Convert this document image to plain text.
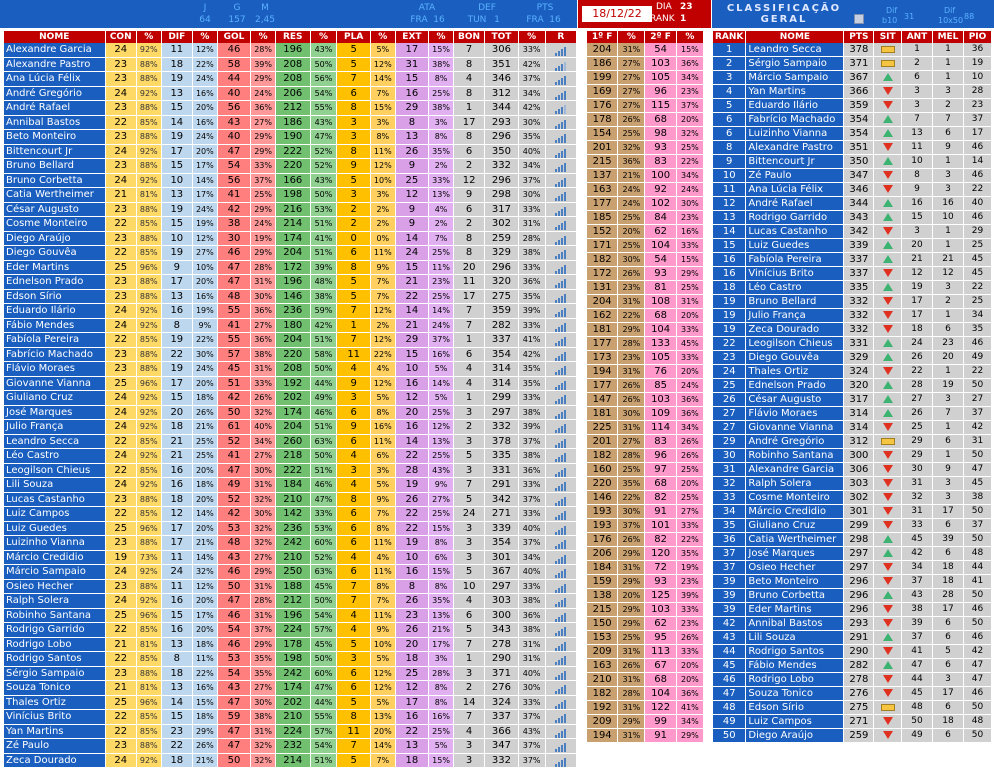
J	G	M
64	157	2,45
ATA	DEF	PTS
FRA 16	TUN 1	FRA 16	18/12/22	DIA 23
RANK 1
CLASSIFICAÇÃO GERAL
Dif
b10 31
Dif
10x50 88
NOME	CON	%	DIF	%	GOL	%	RES	%	PLA	%	EXT	%	BON	TOT	%	R
Alexandre Garcia	24	92%	11	12%	46	28%	196	43%	5	5%	17	15%	7	306	33%	
Alexandre Pastro	23	88%	18	22%	58	39%	208	50%	5	12%	31	38%	8	351	42%	
Ana Lúcia Félix	23	88%	19	24%	44	29%	208	56%	7	14%	15	8%	4	346	37%	
André Gregório	24	92%	13	16%	40	24%	206	54%	6	7%	16	25%	8	312	34%	
André Rafael	23	88%	15	20%	56	36%	212	55%	8	15%	29	38%	1	344	42%	
Annibal Bastos	22	85%	14	16%	43	27%	186	43%	3	3%	8	3%	17	293	30%	
Beto Monteiro	23	88%	19	24%	40	29%	190	47%	3	8%	13	8%	8	296	35%	
Bittencourt Jr	24	92%	17	20%	47	29%	222	52%	8	11%	26	35%	6	350	40%	
Bruno Bellard	23	88%	15	17%	54	33%	220	52%	9	12%	9	2%	2	332	34%	
Bruno Corbetta	24	92%	10	14%	56	37%	166	43%	5	10%	25	33%	12	296	37%	
Catia Wertheimer	21	81%	13	17%	41	25%	198	50%	3	3%	12	13%	9	298	30%	
César Augusto	23	88%	19	24%	42	29%	216	53%	2	2%	9	4%	6	317	33%	
Cosme Monteiro	22	85%	15	19%	38	24%	214	51%	2	2%	9	2%	2	302	31%	
Diego Araújo	23	88%	10	12%	30	19%	174	41%	0	0%	14	7%	8	259	28%	
Diego Gouvêa	22	85%	19	27%	46	29%	204	51%	6	11%	24	25%	8	329	38%	
Eder Martins	25	96%	9	10%	47	28%	172	39%	8	9%	15	11%	20	296	33%	
Ednelson Prado	23	88%	17	20%	47	31%	196	48%	5	7%	21	23%	11	320	36%	
Edson Sírio	23	88%	13	16%	48	30%	146	38%	5	7%	22	25%	17	275	35%	
Eduardo Ilário	24	92%	16	19%	55	36%	236	59%	7	12%	14	14%	7	359	39%	
Fábio Mendes	24	92%	8	9%	41	27%	180	42%	1	2%	21	24%	7	282	33%	
Fabíola Pereira	22	85%	19	22%	55	36%	204	51%	7	12%	29	37%	1	337	41%	
Fabrício Machado	23	88%	22	30%	57	38%	220	58%	11	22%	15	16%	6	354	42%	
Flávio Moraes	23	88%	19	24%	45	31%	208	50%	4	4%	10	5%	4	314	35%	
Giovanne Vianna	25	96%	17	20%	51	33%	192	44%	9	12%	16	14%	4	314	35%	
Giuliano Cruz	24	92%	15	18%	42	26%	202	49%	3	5%	12	5%	1	299	33%	
José Marques	24	92%	20	26%	50	32%	174	46%	6	8%	20	25%	3	297	38%	
Julio França	24	92%	18	21%	61	40%	204	51%	9	16%	16	12%	2	332	39%	
Leandro Secca	22	85%	21	25%	52	34%	260	63%	6	11%	14	13%	3	378	37%	
Léo Castro	24	92%	21	25%	41	27%	218	50%	4	6%	22	25%	5	335	38%	
Leogilson Chieus	22	85%	16	20%	47	30%	222	51%	3	3%	28	43%	3	331	36%	
Lili Souza	24	92%	16	18%	49	31%	184	46%	4	5%	19	9%	7	291	33%	
Lucas Castanho	23	88%	18	20%	52	32%	210	47%	8	9%	26	27%	5	342	37%	
Luiz Campos	22	85%	12	14%	42	30%	142	33%	6	7%	22	25%	24	271	33%	
Luiz Guedes	25	96%	17	20%	53	32%	236	53%	6	8%	22	15%	3	339	40%	
Luizinho Vianna	23	88%	17	21%	48	32%	242	60%	6	11%	19	8%	3	354	37%	
Márcio Credidio	19	73%	11	14%	43	27%	210	52%	4	4%	10	6%	3	301	34%	
Márcio Sampaio	24	92%	24	32%	46	29%	250	63%	6	11%	16	15%	5	367	40%	
Osieo Hecher	23	88%	11	12%	50	31%	188	45%	7	8%	8	8%	10	297	33%	
Ralph Solera	24	92%	16	20%	47	28%	212	50%	7	7%	26	35%	4	303	38%	
Robinho Santana	25	96%	15	17%	46	31%	196	54%	4	11%	23	13%	6	300	36%	
Rodrigo Garrido	22	85%	16	20%	54	37%	224	57%	4	9%	26	21%	5	343	38%	
Rodrigo Lobo	21	81%	13	18%	46	29%	178	45%	5	10%	20	17%	7	278	31%	
Rodrigo Santos	22	85%	8	11%	53	35%	198	50%	3	5%	18	3%	1	290	31%	
Sérgio Sampaio	23	88%	18	22%	54	35%	242	60%	6	12%	25	28%	3	371	40%	
Souza Tonico	21	81%	13	16%	43	27%	174	47%	6	12%	12	8%	2	276	30%	
Thales Ortiz	25	96%	14	15%	47	30%	202	44%	5	5%	17	8%	14	324	33%	
Vinícius Brito	22	85%	15	18%	59	38%	210	55%	8	13%	16	16%	7	337	37%	
Yan Martins	22	85%	23	29%	47	31%	224	57%	11	20%	22	25%	4	366	43%	
Zé Paulo	23	88%	22	26%	47	32%	232	54%	7	14%	13	5%	3	347	37%	
Zeca Dourado	24	92%	18	21%	50	32%	214	51%	5	7%	18	15%	3	332	37%	
1º F	%	2º F	%
204	31%	54	15%
186	27%	103	36%
199	27%	105	34%
169	27%	96	23%
176	27%	115	37%
178	26%	68	20%
154	25%	98	32%
201	32%	93	25%
215	36%	83	22%
137	21%	100	34%
163	24%	92	24%
177	24%	102	30%
185	25%	84	23%
152	20%	62	16%
171	25%	104	33%
182	30%	54	15%
172	26%	93	29%
131	23%	81	25%
204	31%	108	31%
162	22%	68	20%
181	29%	104	33%
177	28%	133	45%
173	23%	105	33%
194	31%	76	20%
177	26%	85	24%
147	26%	103	36%
181	30%	109	36%
225	31%	114	34%
201	27%	83	26%
182	28%	96	26%
160	25%	97	25%
220	35%	68	20%
146	22%	82	25%
193	30%	91	27%
193	37%	101	33%
176	26%	82	22%
206	29%	120	35%
184	31%	72	19%
159	29%	93	23%
138	20%	125	39%
215	29%	103	33%
150	29%	62	23%
153	25%	95	26%
209	31%	113	33%
163	26%	67	20%
210	31%	68	20%
182	28%	104	36%
192	31%	122	41%
209	29%	99	34%
194	31%	91	29%
RANK	NOME	PTS	SIT	ANT	MEL	PIO
1	Leandro Secca	378		1	1	36
2	Sérgio Sampaio	371		2	1	19
3	Márcio Sampaio	367		6	1	10
4	Yan Martins	366		3	3	28
5	Eduardo Ilário	359		3	2	23
6	Fabrício Machado	354		7	7	37
6	Luizinho Vianna	354		13	6	17
8	Alexandre Pastro	351		11	9	46
9	Bittencourt Jr	350		10	1	14
10	Zé Paulo	347		8	3	46
11	Ana Lúcia Félix	346		9	3	22
12	André Rafael	344		16	16	40
13	Rodrigo Garrido	343		15	10	46
14	Lucas Castanho	342		3	1	29
15	Luiz Guedes	339		20	1	25
16	Fabíola Pereira	337		21	21	45
16	Vinícius Brito	337		12	12	45
18	Léo Castro	335		19	3	22
19	Bruno Bellard	332		17	2	25
19	Julio França	332		17	1	34
19	Zeca Dourado	332		18	6	35
22	Leogilson Chieus	331		24	23	46
23	Diego Gouvêa	329		26	20	49
24	Thales Ortiz	324		22	1	22
25	Ednelson Prado	320		28	19	50
26	César Augusto	317		27	3	27
27	Flávio Moraes	314		26	7	37
27	Giovanne Vianna	314		25	1	42
29	André Gregório	312		29	6	31
30	Robinho Santana	300		29	1	50
31	Alexandre Garcia	306		30	9	47
32	Ralph Solera	303		31	3	45
33	Cosme Monteiro	302		32	3	38
34	Márcio Credidio	301		31	17	50
35	Giuliano Cruz	299		33	6	37
36	Catia Wertheimer	298		45	39	50
37	José Marques	297		42	6	48
37	Osieo Hecher	297		34	18	44
39	Beto Monteiro	296		37	18	41
39	Bruno Corbetta	296		43	28	50
39	Eder Martins	296		38	17	46
42	Annibal Bastos	293		39	6	50
43	Lili Souza	291		37	6	46
44	Rodrigo Santos	290		41	5	42
45	Fábio Mendes	282		47	6	47
46	Rodrigo Lobo	278		44	3	47
47	Souza Tonico	276		45	17	46
48	Edson Sírio	275		48	6	50
49	Luiz Campos	271		50	18	48
50	Diego Araújo	259		49	6	50
